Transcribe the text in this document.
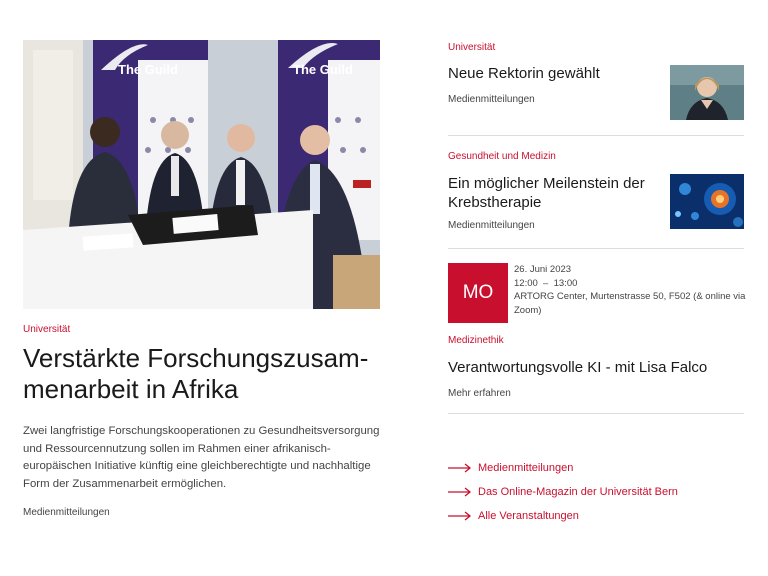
The Guild	The Guild
Universität
Verstärkte Forschungszusam-menarbeit in Afrika

Zwei langfristige Forschungskooperationen zu Gesundheitsversorgung und Ressourcennutzung sollen im Rahmen einer afrikanisch-europäischen Initiative künftig eine gleichberechtigte und nachhaltige Form der Zusammenarbeit ermöglichen.

Medienmitteilungen
Universität
Neue Rektorin gewählt
Medienmitteilungen
Gesundheit und Medizin
Ein möglicher Meilenstein der Krebstherapie
Medienmitteilungen
MO
26. Juni 2023
12:00  –  13:00
ARTORG Center, Murtenstrasse 50, F502 (& online via Zoom)
Medizinethik
Verantwortungsvolle KI - mit Lisa Falco
Mehr erfahren
Medienmitteilungen
Das Online-Magazin der Universität Bern
Alle Veranstaltungen
